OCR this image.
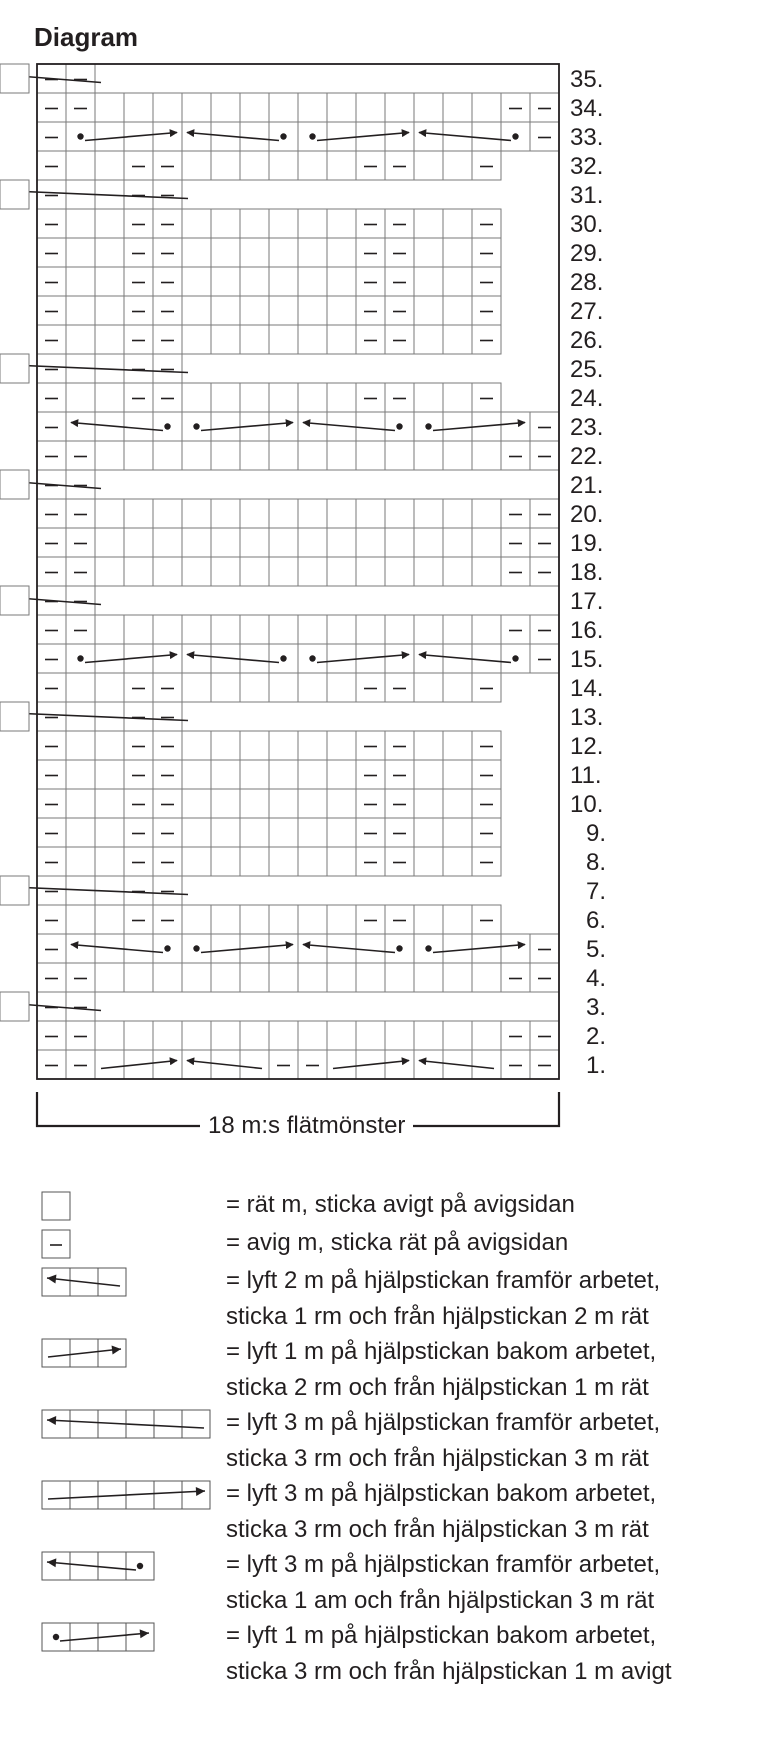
Diagram
35.
34.
33.
32.
31.
30.
29.
28.
27.
26.
25.
24.
23.
22.
21.
20.
19.
18.
17.
16.
15.
14.
13.
12.
11.
10.
9.
8.
7.
6.
5.
4.
3.
2.
1.
18 m:s flätmönster
= rät m, sticka avigt på avigsidan
= avig m, sticka rät på avigsidan
= lyft 2 m på hjälpstickan framför arbetet,
sticka 1 rm och från hjälpstickan 2 m rät
= lyft 1 m på hjälpstickan bakom arbetet,
sticka 2 rm och från hjälpstickan 1 m rät
= lyft 3 m på hjälpstickan framför arbetet,
sticka 3 rm och från hjälpstickan 3 m rät
= lyft 3 m på hjälpstickan bakom arbetet,
sticka 3 rm och från hjälpstickan 3 m rät
= lyft 3 m på hjälpstickan framför arbetet,
sticka 1 am och från hjälpstickan 3 m rät
= lyft 1 m på hjälpstickan bakom arbetet,
sticka 3 rm och från hjälpstickan 1 m avigt
